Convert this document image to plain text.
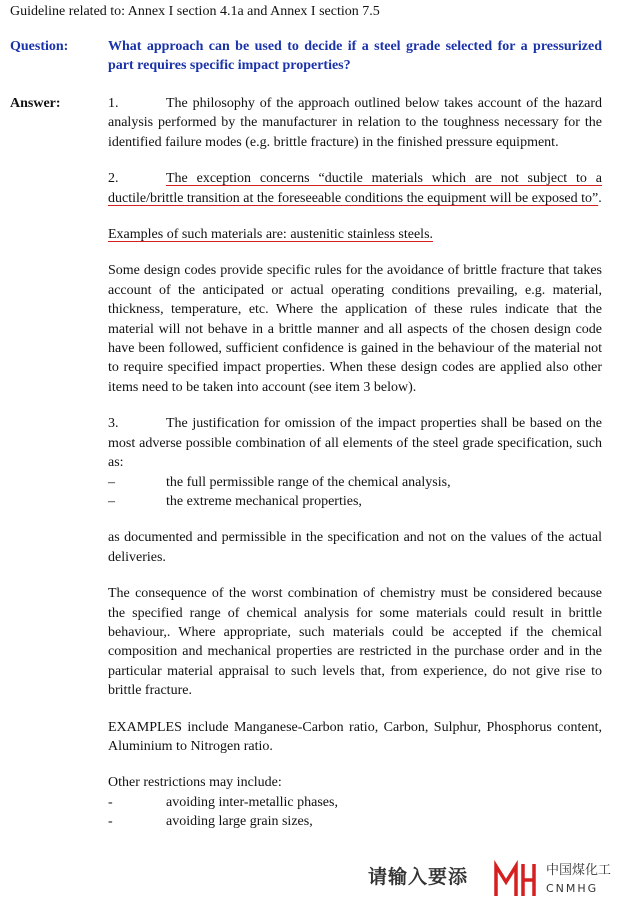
Guideline related to: Annex I section 4.1a and Annex I section 7.5
Question:	What approach can be used to decide if a steel grade selected for a pressurized part requires specific impact properties?
Answer:	1.	The philosophy of the approach outlined below takes account of the hazard analysis performed by the manufacturer in relation to the toughness necessary for the identified failure modes (e.g. brittle fracture) in the finished pressure equipment.

2.	The exception concerns “ductile materials which are not subject to a ductile/brittle transition at the foreseeable conditions the equipment will be exposed to”.

Examples of such materials are: austenitic stainless steels.

Some design codes provide specific rules for the avoidance of brittle fracture that takes account of the anticipated or actual operating conditions prevailing, e.g. material, thickness, temperature, etc. Where the application of these rules indicate that the material will not behave in a brittle manner and all aspects of the chosen design code have been followed, sufficient confidence is gained in the behaviour of the material not to require specified impact properties. When these design codes are applied also other items need to be taken into account (see item 3 below).

3.	The justification for omission of the impact properties shall be based on the most adverse possible combination of all elements of the steel grade specification, such as:
–	the full permissible range of the chemical analysis,
–	the extreme mechanical properties,

as documented and permissible in the specification and not on the values of the actual deliveries.

The consequence of the worst combination of chemistry must be considered because the specified range of chemical analysis for some materials could result in brittle behaviour,. Where appropriate, such materials could be accepted if the chemical composition and mechanical properties are restricted in the purchase order and in the particular material appraisal to such levels that, from experience, do not give rise to brittle fracture.

EXAMPLES include Manganese-Carbon ratio, Carbon, Sulphur, Phosphorus content, Aluminium to Nitrogen ratio.

Other restrictions may include:
-	avoiding inter-metallic phases,
-	avoiding large grain sizes,
请输入要添	中国煤化工
CNMHG
